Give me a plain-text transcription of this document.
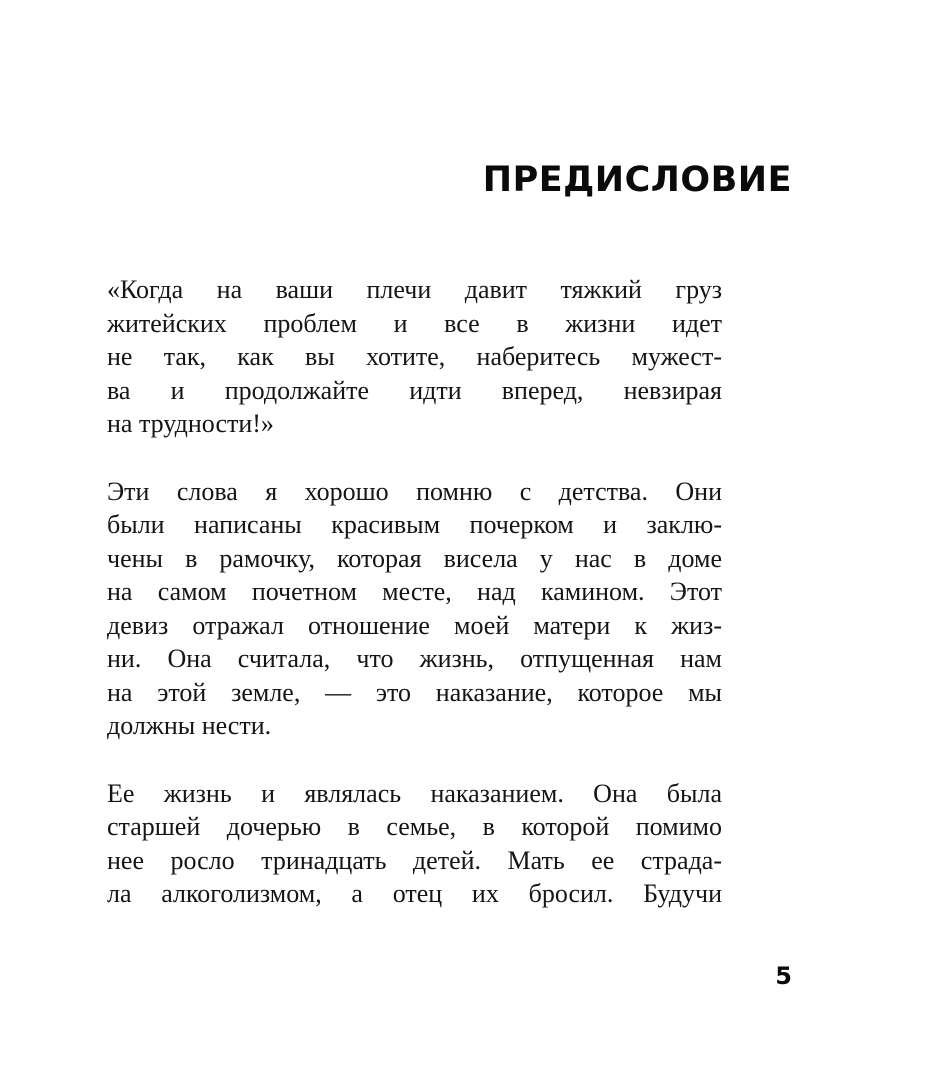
ПРЕДИСЛОВИЕ

«Когда на ваши плечи давит тяжкий груз
житейских проблем и все в жизни идет
не так, как вы хотите, наберитесь мужест-
ва и продолжайте идти вперед, невзирая
на трудности!»

Эти слова я хорошо помню с детства. Они
были написаны красивым почерком и заклю-
чены в рамочку, которая висела у нас в доме
на самом почетном месте, над камином. Этот
девиз отражал отношение моей матери к жиз-
ни. Она считала, что жизнь, отпущенная нам
на этой земле, — это наказание, которое мы
должны нести.

Ее жизнь и являлась наказанием. Она была
старшей дочерью в семье, в которой помимо
нее росло тринадцать детей. Мать ее страда-
ла алкоголизмом, а отец их бросил. Будучи

5
